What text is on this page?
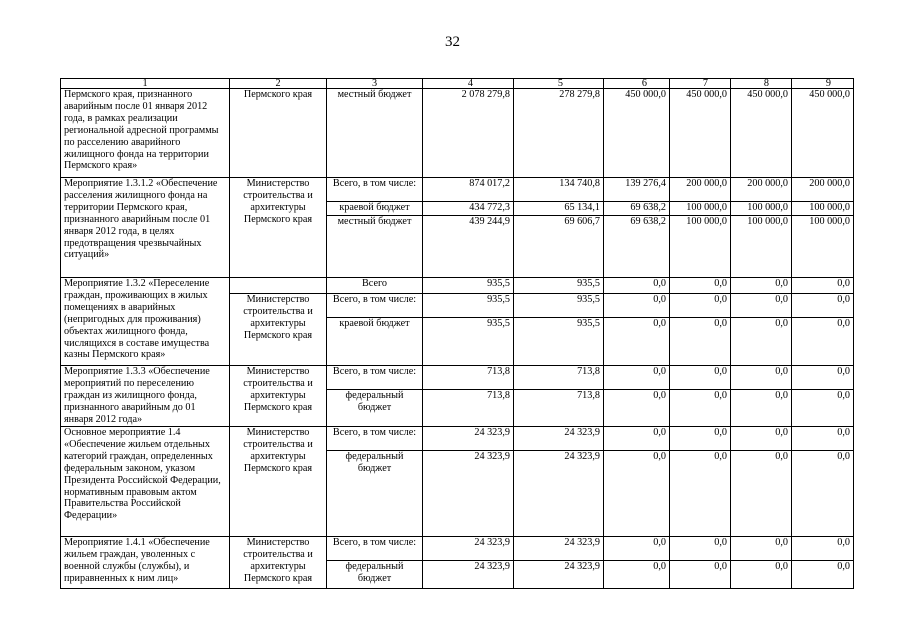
32
1	2	3	4	5	6	7	8	9
Пермского края, признанного аварийным после 01 января 2012 года, в рамках реализации региональной адресной программы по расселению аварийного жилищного фонда на территории Пермского края»	Пермского края	местный бюджет	2 078 279,8	278 279,8	450 000,0	450 000,0	450 000,0	450 000,0
Мероприятие 1.3.1.2 «Обеспечение расселения жилищного фонда на территории Пермского края, признанного аварийным после 01 января 2012 года, в целях предотвращения чрезвычайных ситуаций»	Министерство строительства и архитектуры Пермского края	Всего, в том числе:	874 017,2	134 740,8	139 276,4	200 000,0	200 000,0	200 000,0
		краевой бюджет	434 772,3	65 134,1	69 638,2	100 000,0	100 000,0	100 000,0
		местный бюджет	439 244,9	69 606,7	69 638,2	100 000,0	100 000,0	100 000,0
Мероприятие 1.3.2 «Переселение граждан, проживающих в жилых помещениях в аварийных (непригодных для проживания) объектах жилищного фонда, числящихся в составе имущества казны Пермского края»		Всего	935,5	935,5	0,0	0,0	0,0	0,0
	Министерство строительства и архитектуры Пермского края	Всего, в том числе:	935,5	935,5	0,0	0,0	0,0	0,0
		краевой бюджет	935,5	935,5	0,0	0,0	0,0	0,0
Мероприятие 1.3.3 «Обеспечение мероприятий по переселению граждан из жилищного фонда, признанного аварийным до 01 января 2012 года»	Министерство строительства и архитектуры Пермского края	Всего, в том числе:	713,8	713,8	0,0	0,0	0,0	0,0
		федеральный бюджет	713,8	713,8	0,0	0,0	0,0	0,0
Основное мероприятие 1.4 «Обеспечение жильем отдельных категорий граждан, определенных федеральным законом, указом Президента Российской Федерации, нормативным правовым актом Правительства Российской Федерации»	Министерство строительства и архитектуры Пермского края	Всего, в том числе:	24 323,9	24 323,9	0,0	0,0	0,0	0,0
		федеральный бюджет	24 323,9	24 323,9	0,0	0,0	0,0	0,0
Мероприятие 1.4.1 «Обеспечение жильем граждан, уволенных с военной службы (службы), и приравненных к ним лиц»	Министерство строительства и архитектуры Пермского края	Всего, в том числе:	24 323,9	24 323,9	0,0	0,0	0,0	0,0
		федеральный бюджет	24 323,9	24 323,9	0,0	0,0	0,0	0,0
